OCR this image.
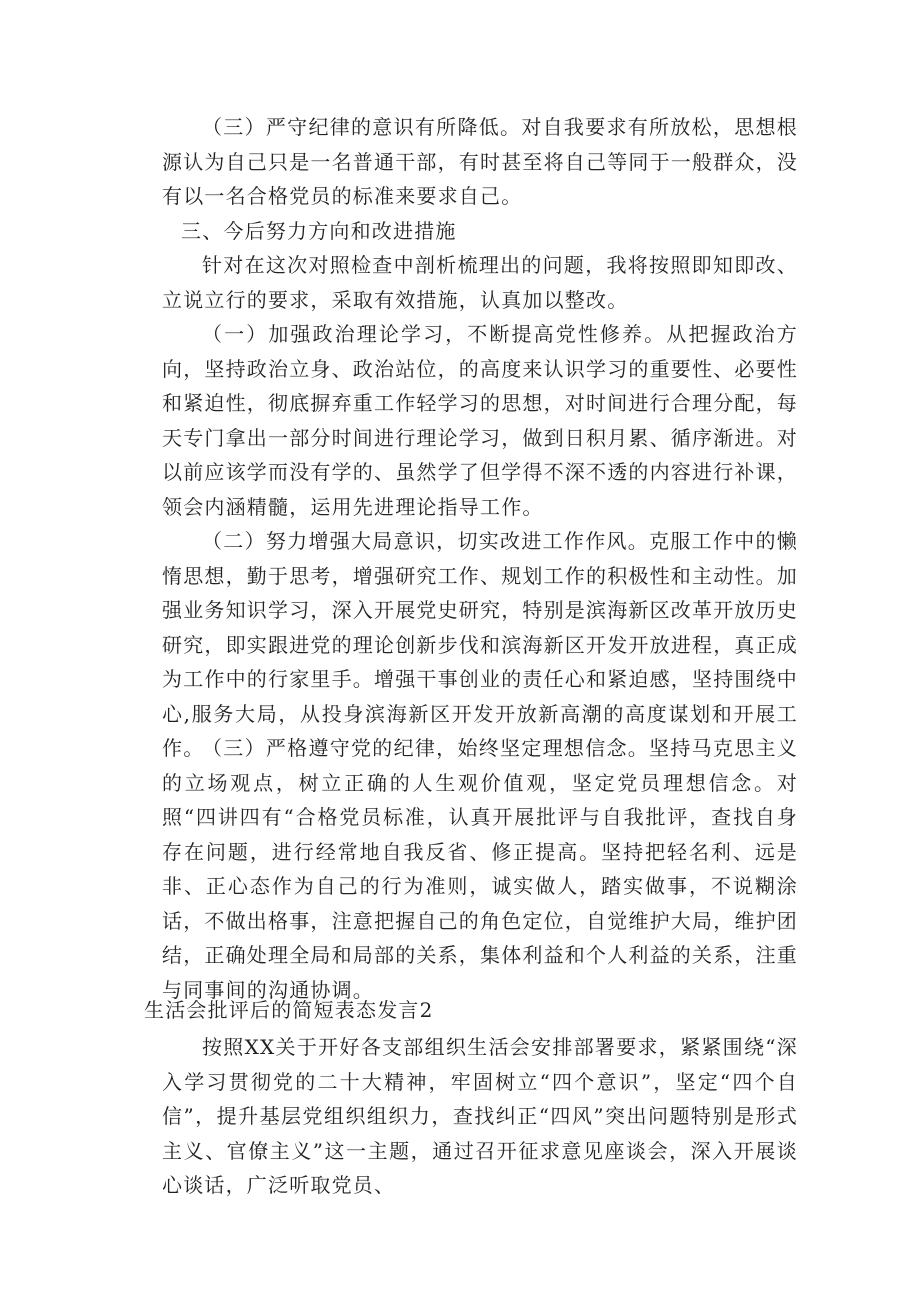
（三）严守纪律的意识有所降低。对自我要求有所放松，思想根源认为自己只是一名普通干部，有时甚至将自己等同于一般群众，没有以一名合格党员的标准来要求自己。

三、今后努力方向和改进措施

针对在这次对照检查中剖析梳理出的问题，我将按照即知即改、立说立行的要求，采取有效措施，认真加以整改。

（一）加强政治理论学习，不断提高党性修养。从把握政治方向，坚持政治立身、政治站位，的高度来认识学习的重要性、必要性和紧迫性，彻底摒弃重工作轻学习的思想，对时间进行合理分配，每天专门拿出一部分时间进行理论学习，做到日积月累、循序渐进。对以前应该学而没有学的、虽然学了但学得不深不透的内容进行补课，领会内涵精髓，运用先进理论指导工作。

（二）努力增强大局意识，切实改进工作作风。克服工作中的懒惰思想，勤于思考，增强研究工作、规划工作的积极性和主动性。加强业务知识学习，深入开展党史研究，特别是滨海新区改革开放历史研究，即实跟进党的理论创新步伐和滨海新区开发开放进程，真正成为工作中的行家里手。增强干事创业的责任心和紧迫感，坚持围绕中心,服务大局，从投身滨海新区开发开放新高潮的高度谋划和开展工作。

（三）严格遵守党的纪律，始终坚定理想信念。坚持马克思主义的立场观点，树立正确的人生观价值观，坚定党员理想信念。对照“四讲四有“合格党员标准，认真开展批评与自我批评，查找自身存在问题，进行经常地自我反省、修正提高。坚持把轻名利、远是非、正心态作为自己的行为准则，诚实做人，踏实做事，不说糊涂话，不做出格事，注意把握自己的角色定位，自觉维护大局，维护团结，正确处理全局和局部的关系，集体利益和个人利益的关系，注重与同事间的沟通协调。

生活会批评后的简短表态发言2

按照XX关于开好各支部组织生活会安排部署要求，紧紧围绕“深入学习贯彻党的二十大精神，牢固树立“四个意识”，坚定“四个自信”，提升基层党组织组织力，查找纠正“四风”突出问题特别是形式主义、官僚主义”这一主题，通过召开征求意见座谈会，深入开展谈心谈话，广泛听取党员、
